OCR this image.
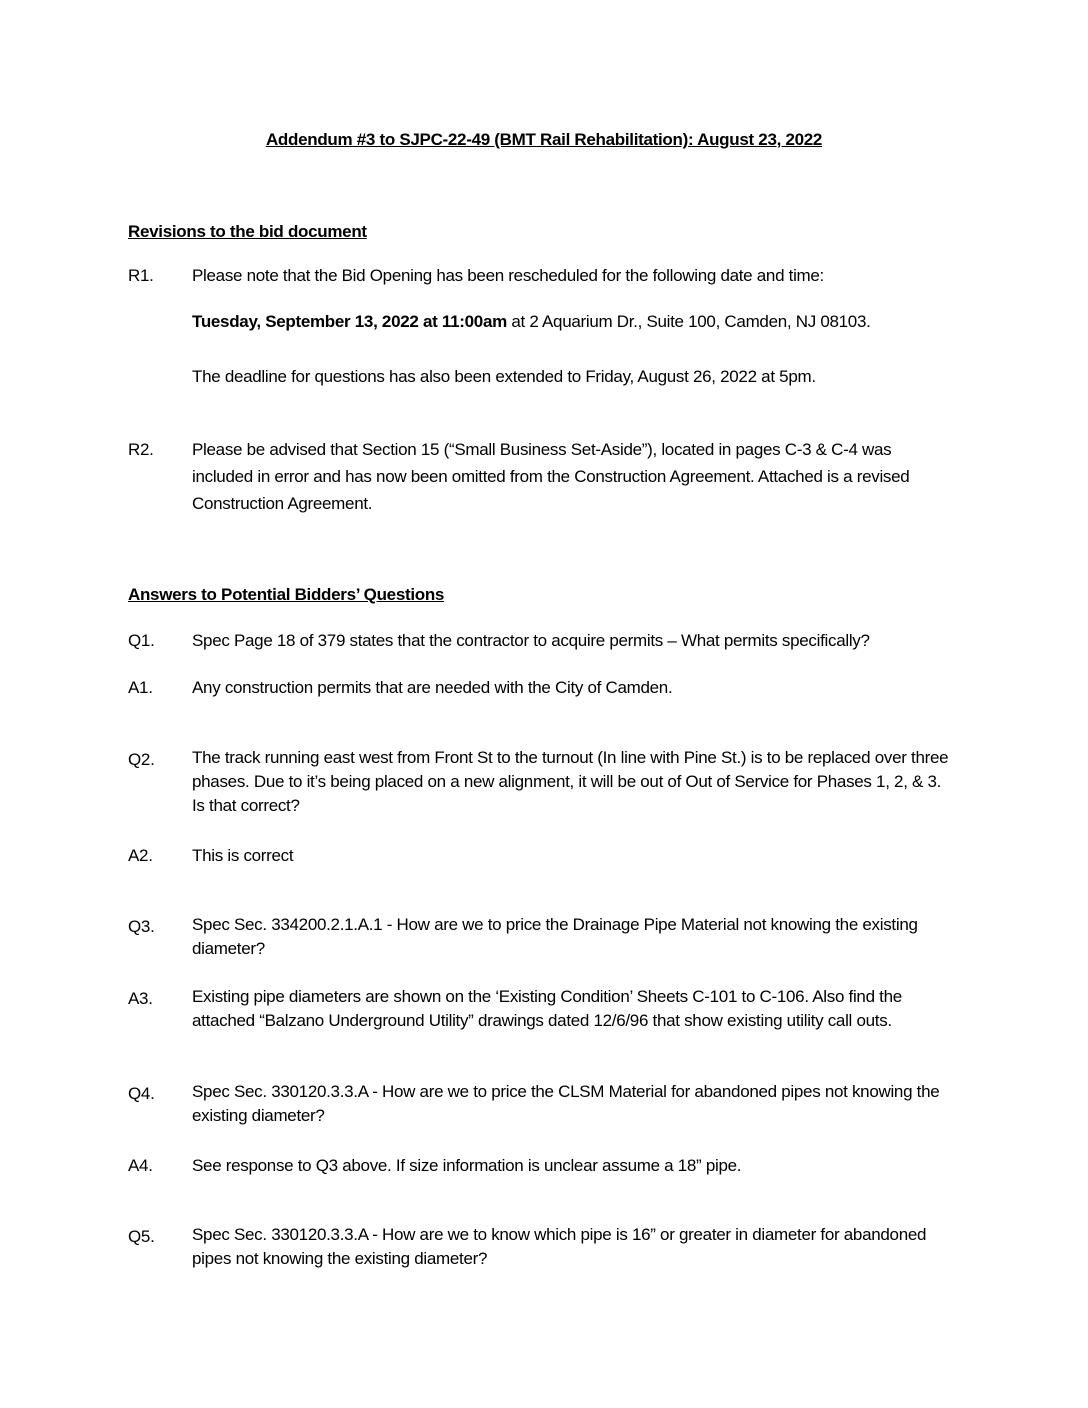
Addendum #3 to SJPC-22-49 (BMT Rail Rehabilitation): August 23, 2022
Revisions to the bid document
R1. Please note that the Bid Opening has been rescheduled for the following date and time:
Tuesday, September 13, 2022 at 11:00am at 2 Aquarium Dr., Suite 100, Camden, NJ 08103.
The deadline for questions has also been extended to Friday, August 26, 2022 at 5pm.
R2. Please be advised that Section 15 (“Small Business Set-Aside”), located in pages C-3 & C-4 was included in error and has now been omitted from the Construction Agreement. Attached is a revised Construction Agreement.
Answers to Potential Bidders’ Questions
Q1. Spec Page 18 of 379 states that the contractor to acquire permits – What permits specifically?
A1. Any construction permits that are needed with the City of Camden.
Q2. The track running east west from Front St to the turnout (In line with Pine St.) is to be replaced over three phases. Due to it’s being placed on a new alignment, it will be out of Out of Service for Phases 1, 2, & 3. Is that correct?
A2. This is correct
Q3. Spec Sec. 334200.2.1.A.1 - How are we to price the Drainage Pipe Material not knowing the existing diameter?
A3. Existing pipe diameters are shown on the ‘Existing Condition’ Sheets C-101 to C-106. Also find the attached “Balzano Underground Utility” drawings dated 12/6/96 that show existing utility call outs.
Q4. Spec Sec. 330120.3.3.A - How are we to price the CLSM Material for abandoned pipes not knowing the existing diameter?
A4. See response to Q3 above. If size information is unclear assume a 18” pipe.
Q5. Spec Sec. 330120.3.3.A - How are we to know which pipe is 16” or greater in diameter for abandoned pipes not knowing the existing diameter?
